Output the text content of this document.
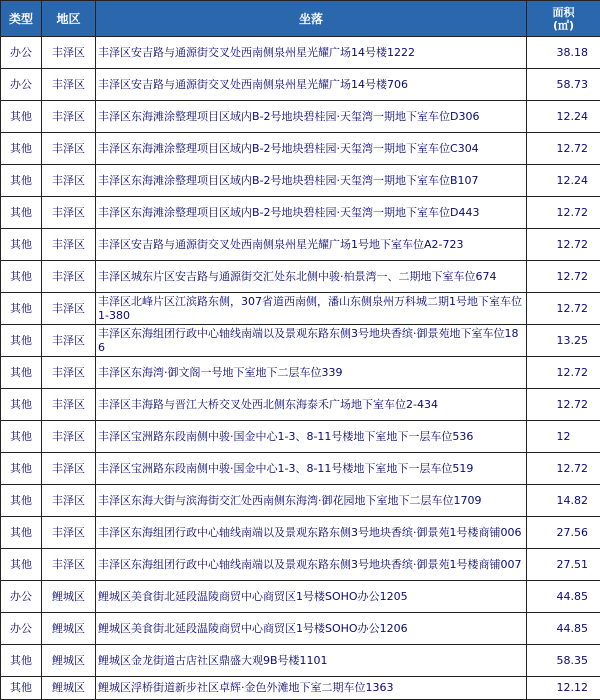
类型	地区	坐落	面积
(㎡)
办公	丰泽区	丰泽区安吉路与通源街交叉处西南侧泉州星光耀广场14号楼1222	38.18
办公	丰泽区	丰泽区安吉路与通源街交叉处西南侧泉州星光耀广场14号楼706	58.73
其他	丰泽区	丰泽区东海滩涂整理项目区域内B-2号地块碧桂园·天玺湾一期地下室车位D306	12.24
其他	丰泽区	丰泽区东海滩涂整理项目区域内B-2号地块碧桂园·天玺湾一期地下室车位C304	12.72
其他	丰泽区	丰泽区东海滩涂整理项目区域内B-2号地块碧桂园·天玺湾一期地下室车位B107	12.24
其他	丰泽区	丰泽区东海滩涂整理项目区域内B-2号地块碧桂园·天玺湾一期地下室车位D443	12.72
其他	丰泽区	丰泽区安吉路与通源街交叉处西南侧泉州星光耀广场1号地下室车位A2-723	12.72
其他	丰泽区	丰泽区城东片区安吉路与通源街交汇处东北侧中骏·柏景湾一、二期地下室车位674	12.72
其他	丰泽区	丰泽区北峰片区江滨路东侧，307省道西南侧，潘山东侧泉州万科城二期1号地下室车位1-380	12.72
其他	丰泽区	丰泽区东海组团行政中心轴线南端以及景观东路东侧3号地块香缤·御景苑地下室车位186	13.25
其他	丰泽区	丰泽区东海湾·御文阁一号地下室地下二层车位339	12.72
其他	丰泽区	丰泽区丰海路与晋江大桥交叉处西北侧东海泰禾广场地下室车位2-434	12.72
其他	丰泽区	丰泽区宝洲路东段南侧中骏·国金中心1-3、8-11号楼地下室地下一层车位536	12
其他	丰泽区	丰泽区宝洲路东段南侧中骏·国金中心1-3、8-11号楼地下室地下一层车位519	12.72
其他	丰泽区	丰泽区东海大街与滨海街交汇处西南侧东海湾·御花园地下室地下二层车位1709	14.82
其他	丰泽区	丰泽区东海组团行政中心轴线南端以及景观东路东侧3号地块香缤·御景苑1号楼商铺006	27.56
其他	丰泽区	丰泽区东海组团行政中心轴线南端以及景观东路东侧3号地块香缤·御景苑1号楼商铺007	27.51
办公	鲤城区	鲤城区美食街北延段温陵商贸中心商贸区1号楼SOHO办公1205	44.85
办公	鲤城区	鲤城区美食街北延段温陵商贸中心商贸区1号楼SOHO办公1206	44.85
其他	鲤城区	鲤城区金龙街道古店社区鼎盛大观9B号楼1101	58.35
其他	鲤城区	鲤城区浮桥街道新步社区卓辉·金色外滩地下室二期车位1363	12.12
